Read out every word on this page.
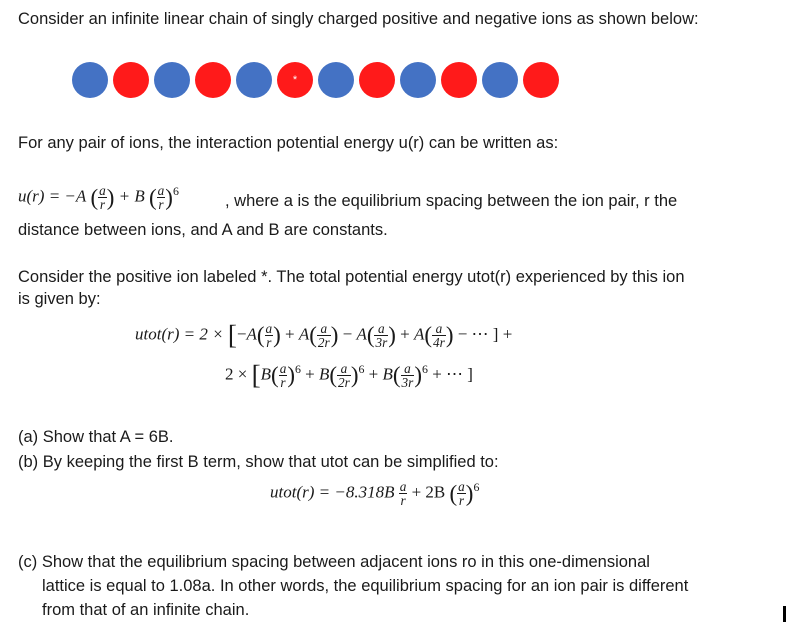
Consider an infinite linear chain of singly charged positive and negative ions as shown below:
*
For any pair of ions, the interaction potential energy u(r) can be written as:
u(r) = −A ( $\frac{a}{r}$ ) + B ( $\frac{a}{r} )^6$
, where a is the equilibrium spacing between the ion pair, r the
distance between ions, and A and B are constants.
Consider the positive ion labeled *. The total potential energy utot(r) experienced by this ion
is given by:
utot(r) = $2 \times [-A( \frac{a}{r}$ ) + $A( \frac{a}{2r}$ ) − $A( \frac{a}{3r}$ ) + $A( \frac{a}{4r}$ ) − ⋯ ] +
$2 \times [B( \frac{a}{r} )^6 + B( \frac{a}{2r} )^6 + B( \frac{a}{3r} )^6$ + ⋯ ]
(a) Show that A = 6B.
(b) By keeping the first B term, show that utot can be simplified to:
utot(r) = $-8.318B \frac{a}{r} + 2B$ ( $\frac{a}{r} )^6$
(c) Show that the equilibrium spacing between adjacent ions ro in this one-dimensional
lattice is equal to 1.08a. In other words, the equilibrium spacing for an ion pair is different
from that of an infinite chain.
